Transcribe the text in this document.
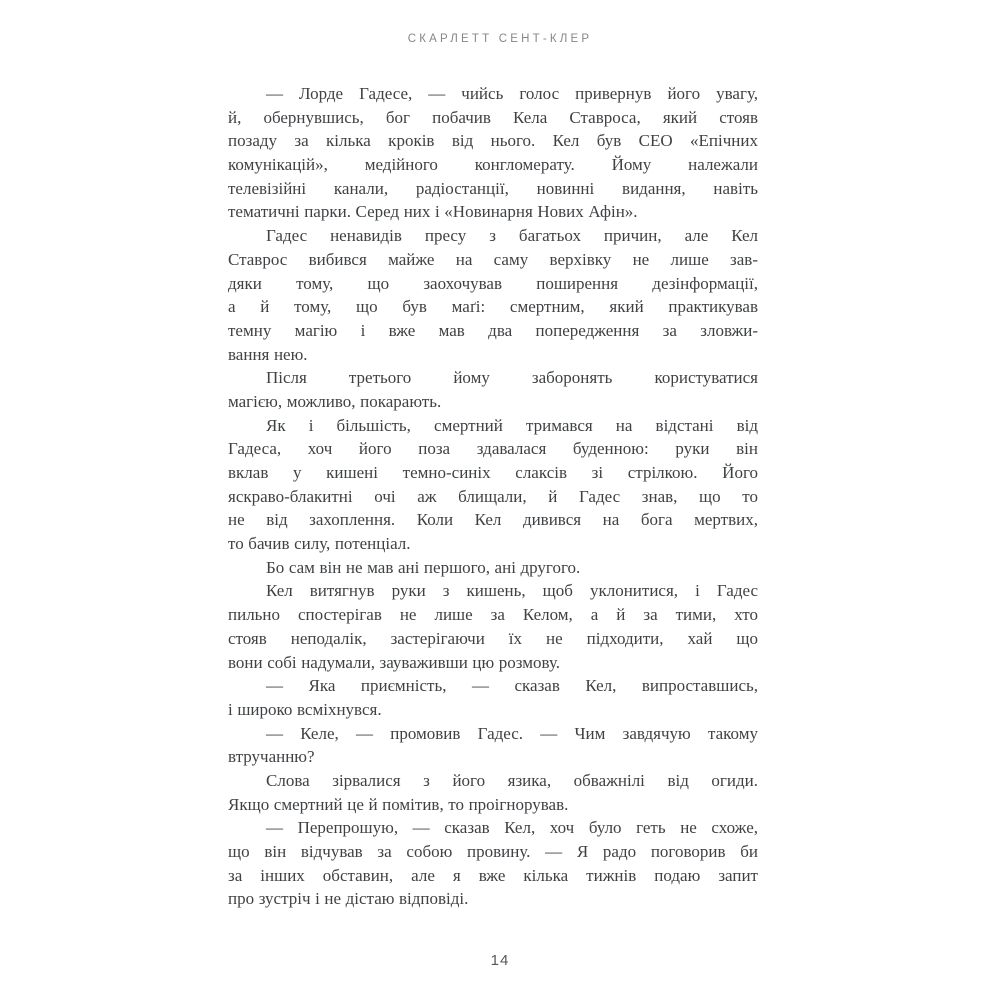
СКАРЛЕТТ СЕНТ-КЛЕР

— Лорде Гадесе, — чийсь голос привернув його увагу,
й, обернувшись, бог побачив Кела Ставроса, який стояв
позаду за кілька кроків від нього. Кел був СЕО «Епічних
комунікацій», медійного конгломерату. Йому належали
телевізійні канали, радіостанції, новинні видання, навіть
тематичні парки. Серед них і «Новинарня Нових Афін».

Гадес ненавидів пресу з багатьох причин, але Кел
Ставрос вибився майже на саму верхівку не лише зав-
дяки тому, що заохочував поширення дезінформації,
а й тому, що був маґі: смертним, який практикував
темну магію і вже мав два попередження за зловжи-
вання нею.

Після третього йому заборонять користуватися
магією, можливо, покарають.

Як і більшість, смертний тримався на відстані від
Гадеса, хоч його поза здавалася буденною: руки він
вклав у кишені темно-синіх слаксів зі стрілкою. Його
яскраво-блакитні очі аж блищали, й Гадес знав, що то
не від захоплення. Коли Кел дивився на бога мертвих,
то бачив силу, потенціал.

Бо сам він не мав ані першого, ані другого.

Кел витягнув руки з кишень, щоб уклонитися, і Гадес
пильно спостерігав не лише за Келом, а й за тими, хто
стояв неподалік, застерігаючи їх не підходити, хай що
вони собі надумали, зауваживши цю розмову.

— Яка приємність, — сказав Кел, випроставшись,
і широко всміхнувся.

— Келе, — промовив Гадес. — Чим завдячую такому
втручанню?

Слова зірвалися з його язика, обважнілі від огиди.
Якщо смертний це й помітив, то проігнорував.

— Перепрошую, — сказав Кел, хоч було геть не схоже,
що він відчував за собою провину. — Я радо поговорив би
за інших обставин, але я вже кілька тижнів подаю запит
про зустріч і не дістаю відповіді.

14
